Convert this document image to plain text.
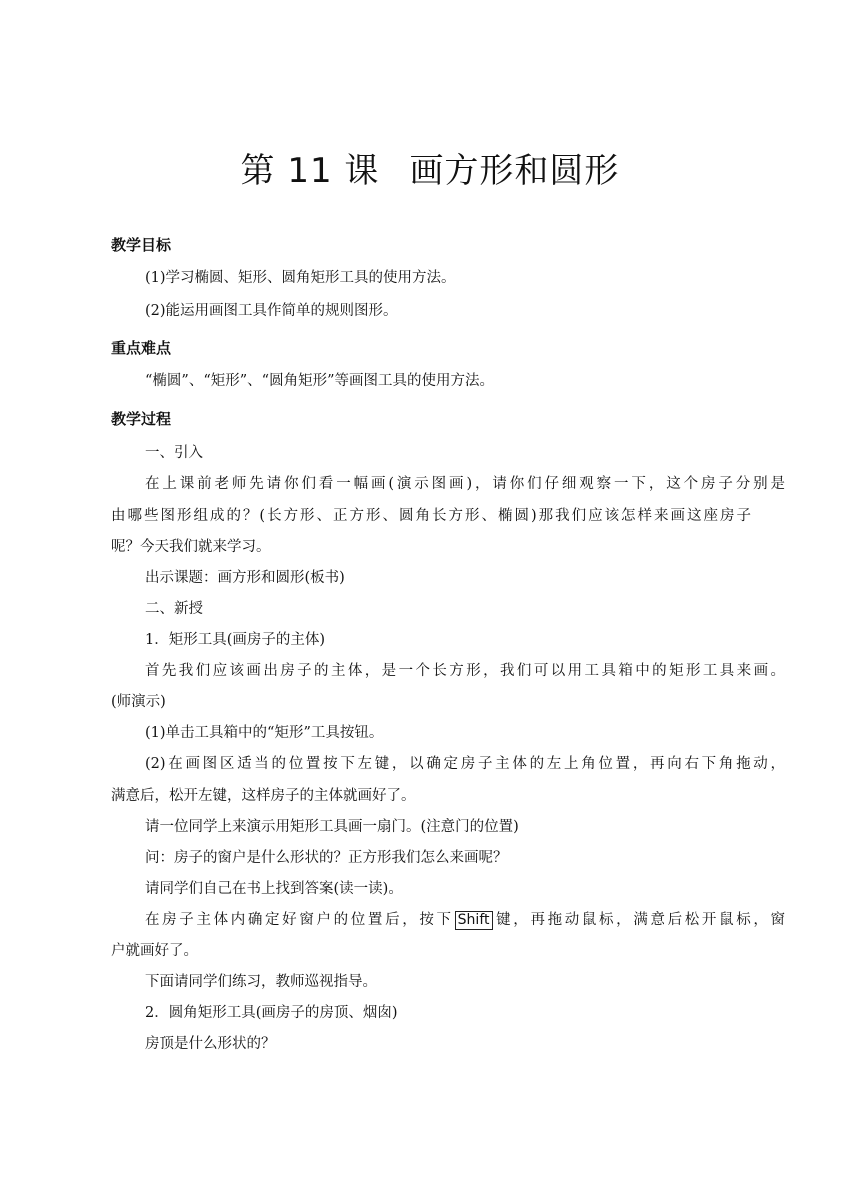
第 11 课 画方形和圆形
教学目标
(1)学习椭圆、矩形、圆角矩形工具的使用方法。
(2)能运用画图工具作简单的规则图形。
重点难点
“椭圆”、“矩形”、“圆角矩形”等画图工具的使用方法。
教学过程
一、引入
在上课前老师先请你们看一幅画(演示图画)，请你们仔细观察一下，这个房子分别是
由哪些图形组成的？(长方形、正方形、圆角长方形、椭圆)那我们应该怎样来画这座房子
呢？今天我们就来学习。
出示课题：画方形和圆形(板书)
二、新授
1．矩形工具(画房子的主体)
首先我们应该画出房子的主体，是一个长方形，我们可以用工具箱中的矩形工具来画。
(师演示)
(1)单击工具箱中的“矩形”工具按钮。
(2)在画图区适当的位置按下左键，以确定房子主体的左上角位置，再向右下角拖动，
满意后，松开左键，这样房子的主体就画好了。
请一位同学上来演示用矩形工具画一扇门。(注意门的位置)
问：房子的窗户是什么形状的？正方形我们怎么来画呢？
请同学们自己在书上找到答案(读一读)。
在房子主体内确定好窗户的位置后，按下 Shift 键，再拖动鼠标，满意后松开鼠标，窗
户就画好了。
下面请同学们练习，教师巡视指导。
2．圆角矩形工具(画房子的房顶、烟囱)
房顶是什么形状的？
